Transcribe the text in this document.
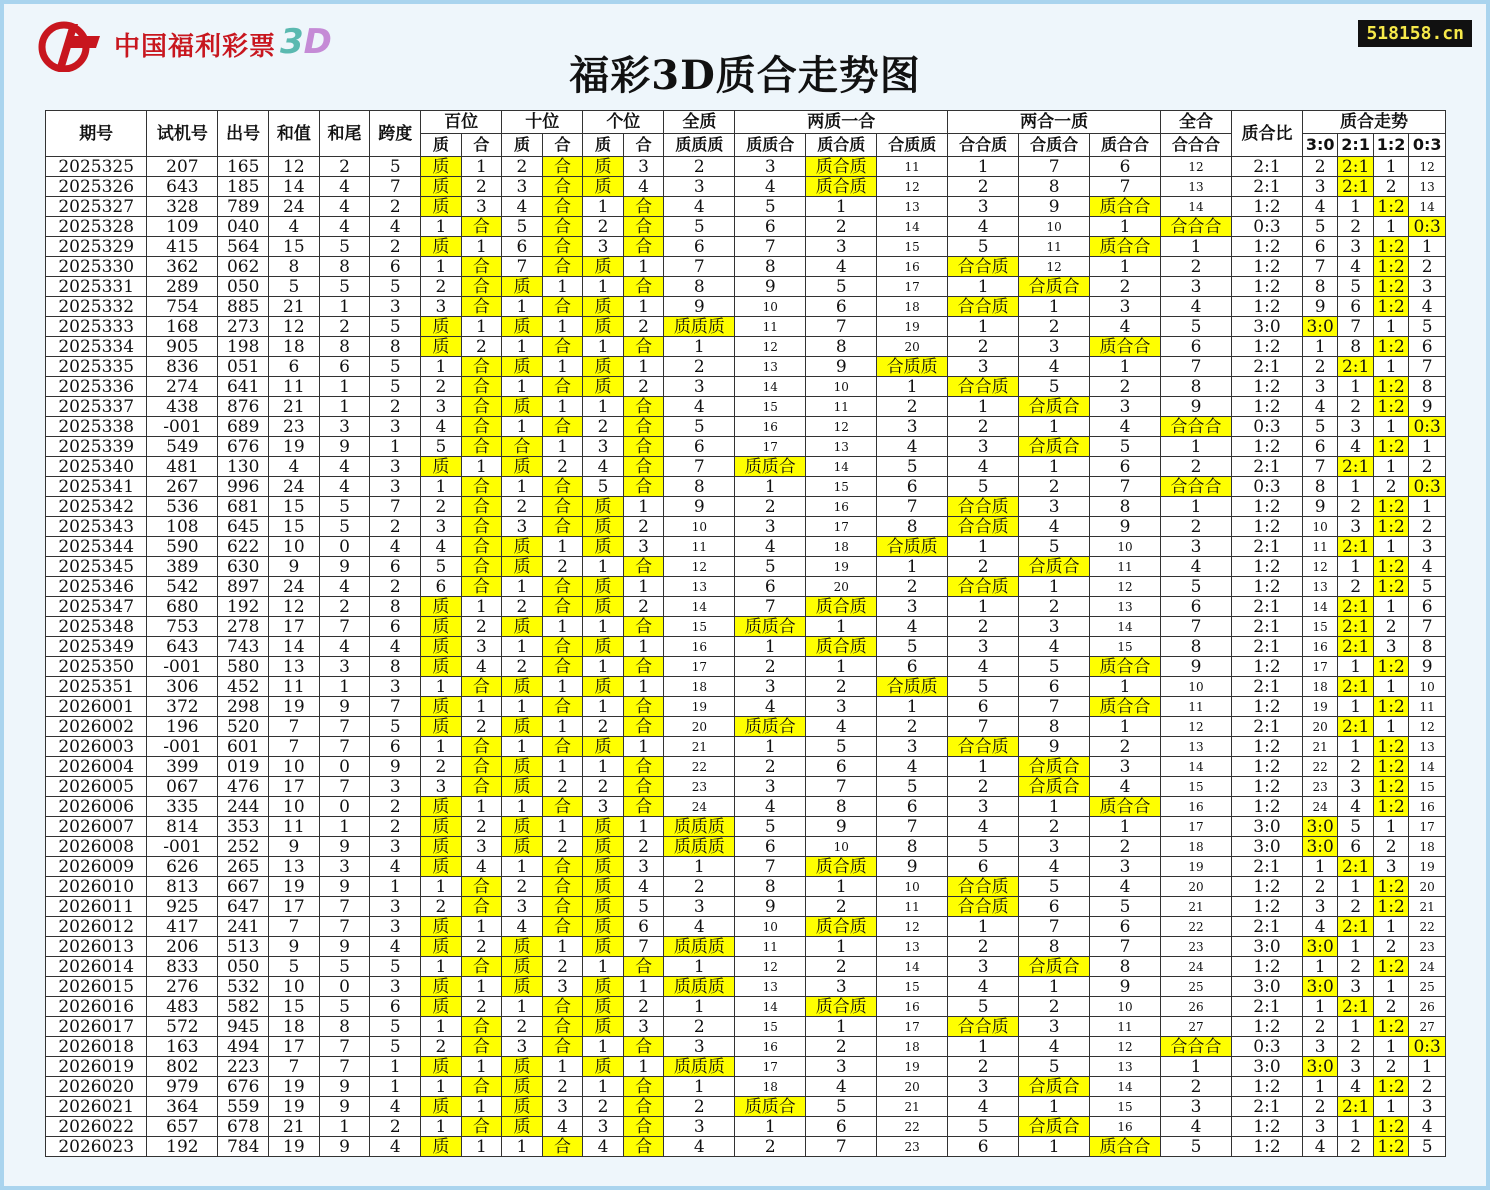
中国福利彩票 3D
福彩3D质合走势图
518158.cn
期号	试机号	出号	和值	和尾	跨度	百位		十位		个位		全质	两质一合			两合一质			全合	质合比	质合走势			
						质	合	质	合	质	合	质质质	质质合	质合质	合质质	合合质	合质合	质合合	合合合		3:0	2:1	1:2	0:3
2025325	207	165	12	2	5	质	1	2	合	质	3	2	3	质合质	11	1	7	6	12	2:1	2	2:1	1	12
2025326	643	185	14	4	7	质	2	3	合	质	4	3	4	质合质	12	2	8	7	13	2:1	3	2:1	2	13
2025327	328	789	24	4	2	质	3	4	合	1	合	4	5	1	13	3	9	质合合	14	1:2	4	1	1:2	14
2025328	109	040	4	4	4	1	合	5	合	2	合	5	6	2	14	4	10	1	合合合	0:3	5	2	1	0:3
2025329	415	564	15	5	2	质	1	6	合	3	合	6	7	3	15	5	11	质合合	1	1:2	6	3	1:2	1
2025330	362	062	8	8	6	1	合	7	合	质	1	7	8	4	16	合合质	12	1	2	1:2	7	4	1:2	2
2025331	289	050	5	5	5	2	合	质	1	1	合	8	9	5	17	1	合质合	2	3	1:2	8	5	1:2	3
2025332	754	885	21	1	3	3	合	1	合	质	1	9	10	6	18	合合质	1	3	4	1:2	9	6	1:2	4
2025333	168	273	12	2	5	质	1	质	1	质	2	质质质	11	7	19	1	2	4	5	3:0	3:0	7	1	5
2025334	905	198	18	8	8	质	2	1	合	1	合	1	12	8	20	2	3	质合合	6	1:2	1	8	1:2	6
2025335	836	051	6	6	5	1	合	质	1	质	1	2	13	9	合质质	3	4	1	7	2:1	2	2:1	1	7
2025336	274	641	11	1	5	2	合	1	合	质	2	3	14	10	1	合合质	5	2	8	1:2	3	1	1:2	8
2025337	438	876	21	1	2	3	合	质	1	1	合	4	15	11	2	1	合质合	3	9	1:2	4	2	1:2	9
2025338	-001	689	23	3	3	4	合	1	合	2	合	5	16	12	3	2	1	4	合合合	0:3	5	3	1	0:3
2025339	549	676	19	9	1	5	合	合	1	3	合	6	17	13	4	3	合质合	5	1	1:2	6	4	1:2	1
2025340	481	130	4	4	3	质	1	质	2	4	合	7	质质合	14	5	4	1	6	2	2:1	7	2:1	1	2
2025341	267	996	24	4	3	1	合	1	合	5	合	8	1	15	6	5	2	7	合合合	0:3	8	1	2	0:3
2025342	536	681	15	5	7	2	合	2	合	质	1	9	2	16	7	合合质	3	8	1	1:2	9	2	1:2	1
2025343	108	645	15	5	2	3	合	3	合	质	2	10	3	17	8	合合质	4	9	2	1:2	10	3	1:2	2
2025344	590	622	10	0	4	4	合	质	1	质	3	11	4	18	合质质	1	5	10	3	2:1	11	2:1	1	3
2025345	389	630	9	9	6	5	合	质	2	1	合	12	5	19	1	2	合质合	11	4	1:2	12	1	1:2	4
2025346	542	897	24	4	2	6	合	1	合	质	1	13	6	20	2	合合质	1	12	5	1:2	13	2	1:2	5
2025347	680	192	12	2	8	质	1	2	合	质	2	14	7	质合质	3	1	2	13	6	2:1	14	2:1	1	6
2025348	753	278	17	7	6	质	2	质	1	1	合	15	质质合	1	4	2	3	14	7	2:1	15	2:1	2	7
2025349	643	743	14	4	4	质	3	1	合	质	1	16	1	质合质	5	3	4	15	8	2:1	16	2:1	3	8
2025350	-001	580	13	3	8	质	4	2	合	1	合	17	2	1	6	4	5	质合合	9	1:2	17	1	1:2	9
2025351	306	452	11	1	3	1	合	质	1	质	1	18	3	2	合质质	5	6	1	10	2:1	18	2:1	1	10
2026001	372	298	19	9	7	质	1	1	合	1	合	19	4	3	1	6	7	质合合	11	1:2	19	1	1:2	11
2026002	196	520	7	7	5	质	2	质	1	2	合	20	质质合	4	2	7	8	1	12	2:1	20	2:1	1	12
2026003	-001	601	7	7	6	1	合	1	合	质	1	21	1	5	3	合合质	9	2	13	1:2	21	1	1:2	13
2026004	399	019	10	0	9	2	合	质	1	1	合	22	2	6	4	1	合质合	3	14	1:2	22	2	1:2	14
2026005	067	476	17	7	3	3	合	质	2	2	合	23	3	7	5	2	合质合	4	15	1:2	23	3	1:2	15
2026006	335	244	10	0	2	质	1	1	合	3	合	24	4	8	6	3	1	质合合	16	1:2	24	4	1:2	16
2026007	814	353	11	1	2	质	2	质	1	质	1	质质质	5	9	7	4	2	1	17	3:0	3:0	5	1	17
2026008	-001	252	9	9	3	质	3	质	2	质	2	质质质	6	10	8	5	3	2	18	3:0	3:0	6	2	18
2026009	626	265	13	3	4	质	4	1	合	质	3	1	7	质合质	9	6	4	3	19	2:1	1	2:1	3	19
2026010	813	667	19	9	1	1	合	2	合	质	4	2	8	1	10	合合质	5	4	20	1:2	2	1	1:2	20
2026011	925	647	17	7	3	2	合	3	合	质	5	3	9	2	11	合合质	6	5	21	1:2	3	2	1:2	21
2026012	417	241	7	7	3	质	1	4	合	质	6	4	10	质合质	12	1	7	6	22	2:1	4	2:1	1	22
2026013	206	513	9	9	4	质	2	质	1	质	7	质质质	11	1	13	2	8	7	23	3:0	3:0	1	2	23
2026014	833	050	5	5	5	1	合	质	2	1	合	1	12	2	14	3	合质合	8	24	1:2	1	2	1:2	24
2026015	276	532	10	0	3	质	1	质	3	质	1	质质质	13	3	15	4	1	9	25	3:0	3:0	3	1	25
2026016	483	582	15	5	6	质	2	1	合	质	2	1	14	质合质	16	5	2	10	26	2:1	1	2:1	2	26
2026017	572	945	18	8	5	1	合	2	合	质	3	2	15	1	17	合合质	3	11	27	1:2	2	1	1:2	27
2026018	163	494	17	7	5	2	合	3	合	1	合	3	16	2	18	1	4	12	合合合	0:3	3	2	1	0:3
2026019	802	223	7	7	1	质	1	质	1	质	1	质质质	17	3	19	2	5	13	1	3:0	3:0	3	2	1
2026020	979	676	19	9	1	1	合	质	2	1	合	1	18	4	20	3	合质合	14	2	1:2	1	4	1:2	2
2026021	364	559	19	9	4	质	1	质	3	2	合	2	质质合	5	21	4	1	15	3	2:1	2	2:1	1	3
2026022	657	678	21	1	2	1	合	质	4	3	合	3	1	6	22	5	合质合	16	4	1:2	3	1	1:2	4
2026023	192	784	19	9	4	质	1	1	合	4	合	4	2	7	23	6	1	质合合	5	1:2	4	2	1:2	5
